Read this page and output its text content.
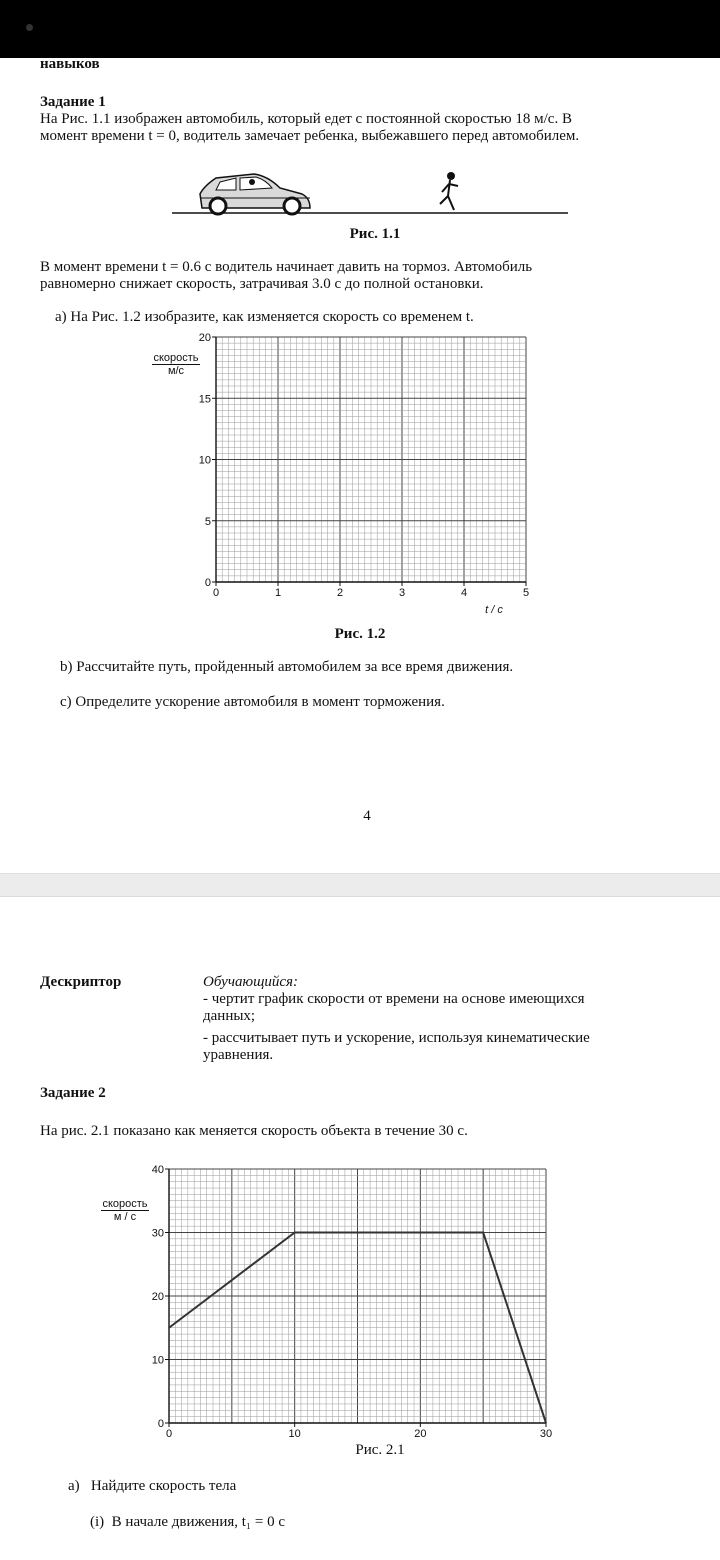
навыков
Задание 1
На Рис. 1.1 изображен автомобиль, который едет с постоянной скоростью 18 м/с. В
момент времени t = 0, водитель замечает ребенка, выбежавшего перед автомобилем.
Рис. 1.1
В момент времени t = 0.6 с водитель начинает давить на тормоз. Автомобиль
равномерно снижает скорость, затрачивая 3.0 с до полной остановки.
а) На Рис. 1.2 изобразите, как изменяется скорость со временем t.
0	1	2	3	4	5
0
5
10
15
20
скорость
м/с
t / c
Рис. 1.2
b) Рассчитайте путь, пройденный автомобилем за все время движения.
c) Определите ускорение автомобиля в момент торможения.
4
Дескриптор	Обучающийся:
- чертит график скорости от времени на основе имеющихся
данных;
- рассчитывает путь и ускорение, используя кинематические
уравнения.
Задание 2
На рис. 2.1 показано как меняется скорость объекта в течение 30 с.
0	10	20	30
0
10
20
30
40
скорость
м / с
Рис. 2.1
a)   Найдите скорость тела
(i)  В начале движения, t₁ = 0 с
